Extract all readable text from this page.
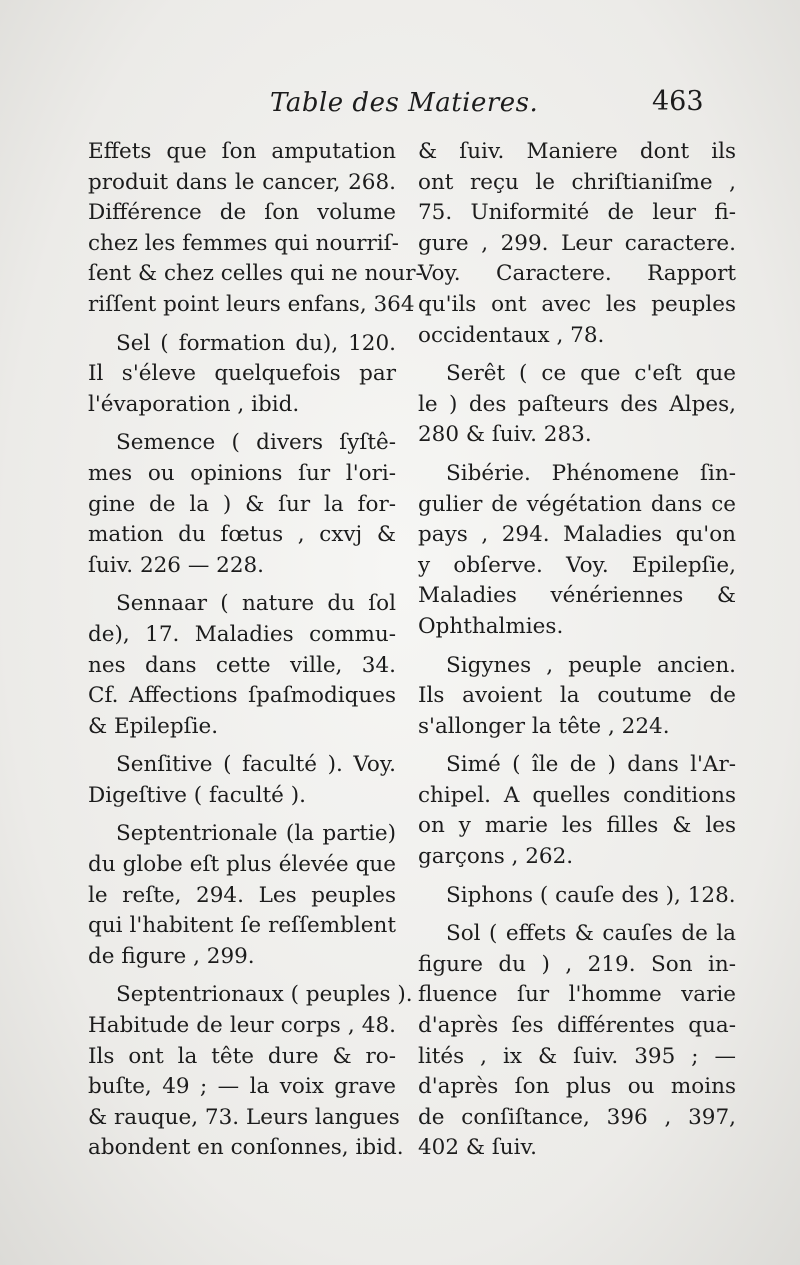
Table des Matieres.	463
Effets que ſon amputation
produit dans le cancer, 268.
Différence de ſon volume
chez les femmes qui nourriſ-
ſent & chez celles qui ne nour-
riſſent point leurs enfans, 364
Sel ( formation du), 120.
Il s'éleve quelquefois par
l'évaporation , ibid.
Semence ( divers ſyſtê-
mes ou opinions ſur l'ori-
gine de la ) & ſur la for-
mation du fœtus , cxvj &
ſuiv. 226 — 228.
Sennaar ( nature du ſol
de), 17. Maladies commu-
nes dans cette ville, 34.
Cf. Affections ſpaſmodiques
& Epilepſie.
Senſitive ( faculté ). Voy.
Digeſtive ( faculté ).
Septentrionale (la partie)
du globe eſt plus élevée que
le reſte, 294. Les peuples
qui l'habitent ſe reſſemblent
de figure , 299.
Septentrionaux ( peuples ).
Habitude de leur corps , 48.
Ils ont la tête dure & ro-
buſte, 49 ; — la voix grave
& rauque, 73. Leurs langues
abondent en conſonnes, ibid.
& ſuiv. Maniere dont ils
ont reçu le chriſtianiſme ,
75. Uniformité de leur fi-
gure , 299. Leur caractere.
Voy. Caractere. Rapport
qu'ils ont avec les peuples
occidentaux , 78.
Serêt ( ce que c'eſt que
le ) des paſteurs des Alpes,
280 & ſuiv. 283.
Sibérie. Phénomene ſin-
gulier de végétation dans ce
pays , 294. Maladies qu'on
y obſerve. Voy. Epilepſie,
Maladies vénériennes &
Ophthalmies.
Sigynes , peuple ancien.
Ils avoient la coutume de
s'allonger la tête , 224.
Simé ( île de ) dans l'Ar-
chipel. A quelles conditions
on y marie les filles & les
garçons , 262.
Siphons ( cauſe des ), 128.
Sol ( effets & cauſes de la
figure du ) , 219. Son in-
fluence ſur l'homme varie
d'après ſes différentes qua-
lités , ix & ſuiv. 395 ; —
d'après ſon plus ou moins
de conſiſtance, 396 , 397,
402 & ſuiv.
